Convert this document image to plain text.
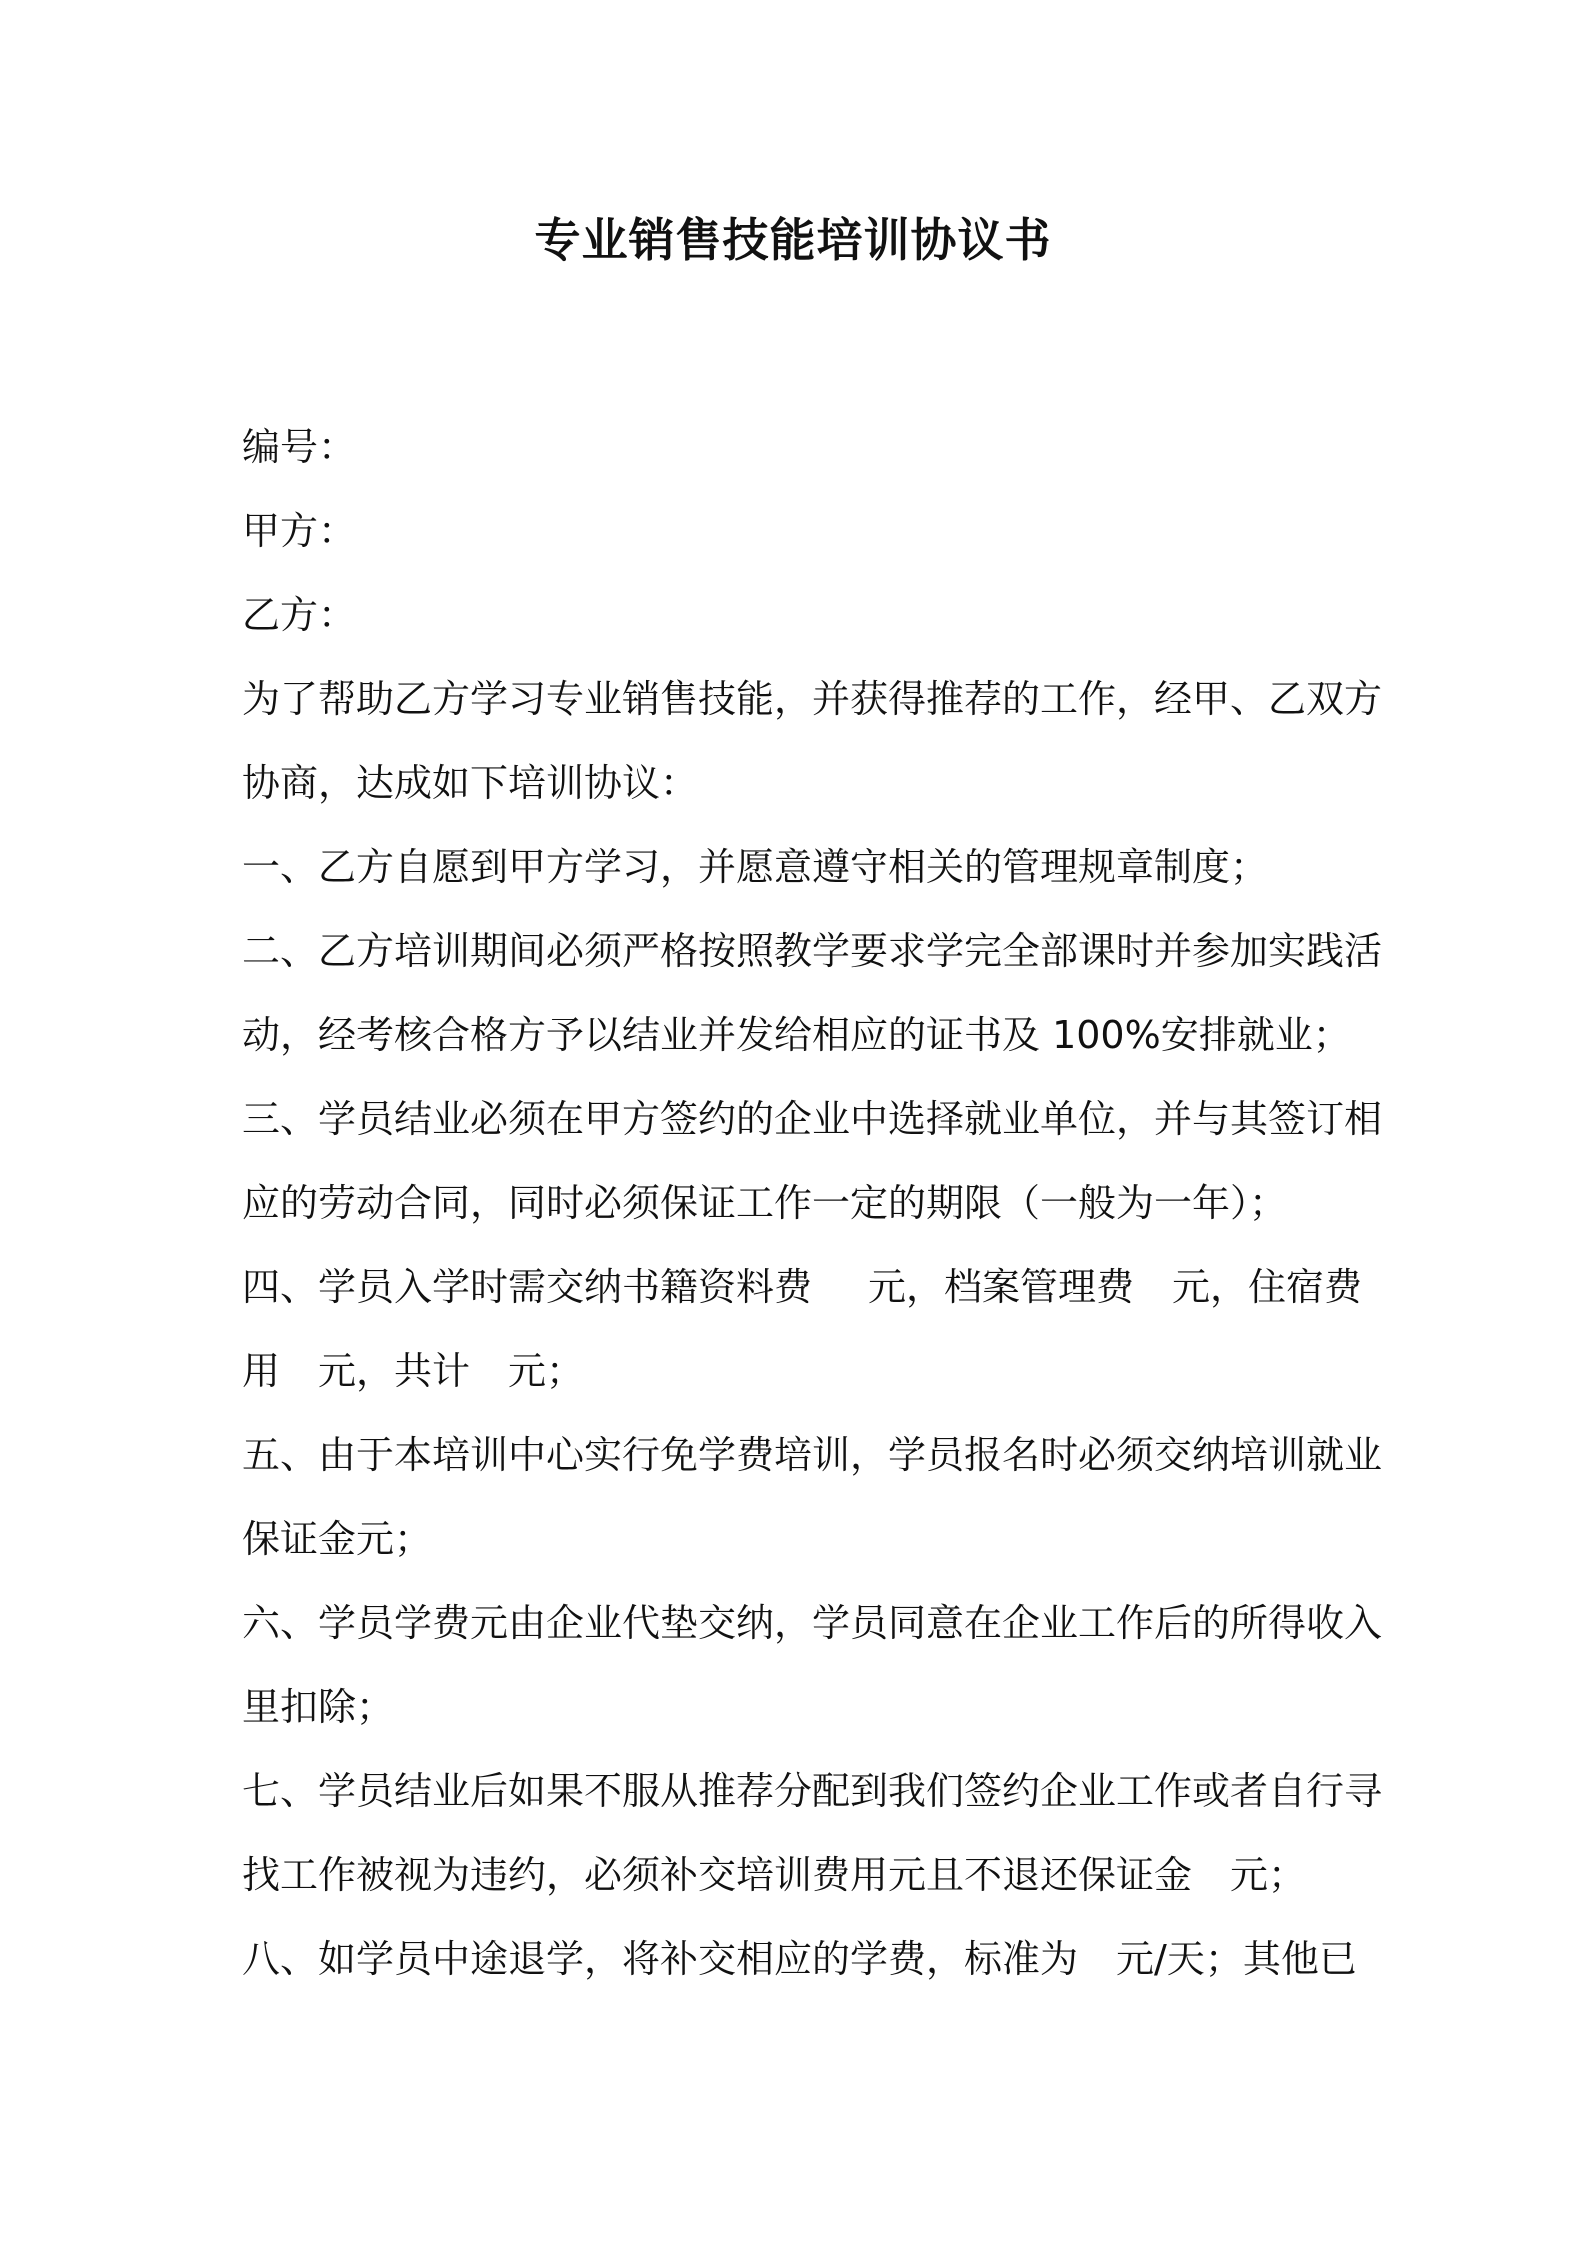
专业销售技能培训协议书
编号：
甲方：
乙方：
为了帮助乙方学习专业销售技能，并获得推荐的工作，经甲、乙双方
协商，达成如下培训协议：
一、乙方自愿到甲方学习，并愿意遵守相关的管理规章制度；
二、乙方培训期间必须严格按照教学要求学完全部课时并参加实践活
动，经考核合格方予以结业并发给相应的证书及 100%安排就业；
三、学员结业必须在甲方签约的企业中选择就业单位，并与其签订相
应的劳动合同，同时必须保证工作一定的期限（一般为一年）；
四、学员入学时需交纳书籍资料费 元，档案管理费 元，住宿费
用 元，共计 元；
五、由于本培训中心实行免学费培训，学员报名时必须交纳培训就业
保证金元；
六、学员学费元由企业代垫交纳，学员同意在企业工作后的所得收入
里扣除；
七、学员结业后如果不服从推荐分配到我们签约企业工作或者自行寻
找工作被视为违约，必须补交培训费用元且不退还保证金 元；
八、如学员中途退学，将补交相应的学费，标准为 元/天；其他已
